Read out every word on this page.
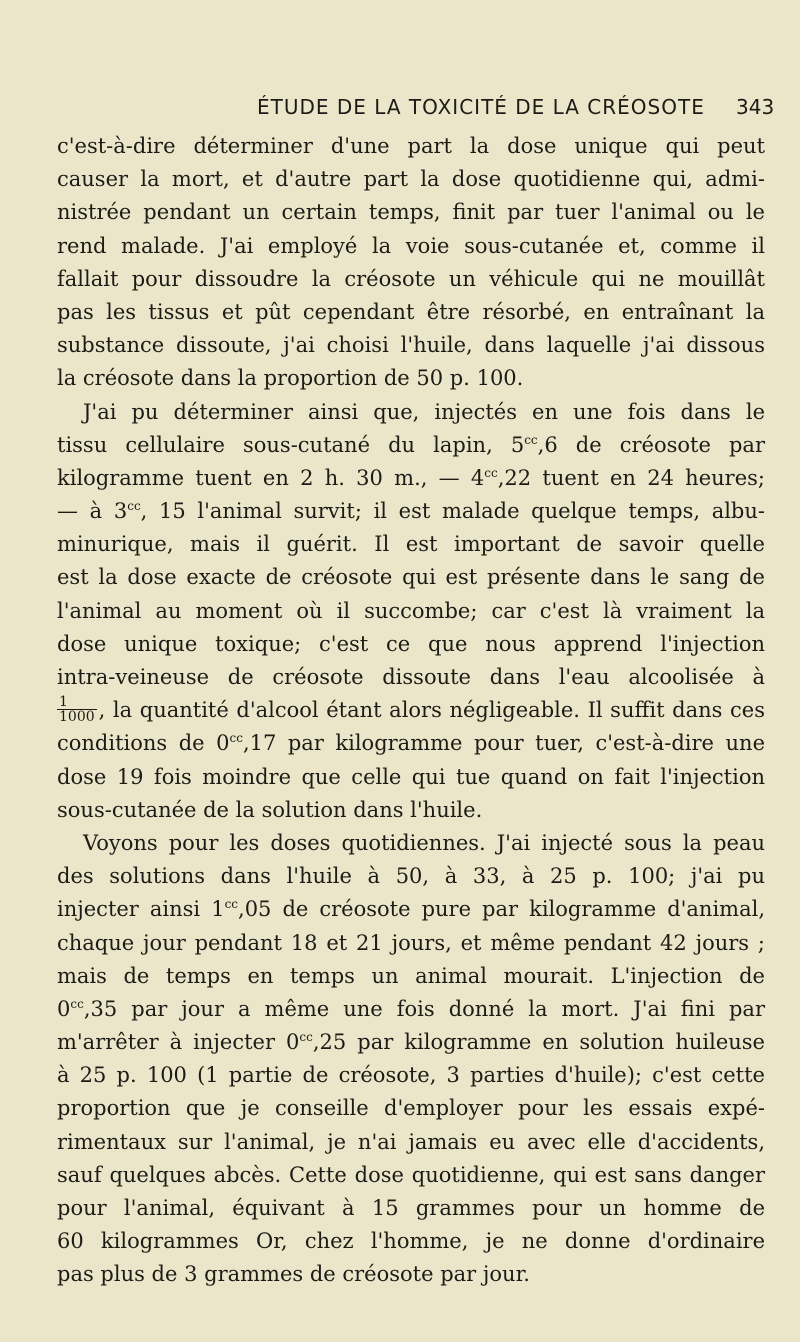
ÉTUDE DE LA TOXICITÉ DE LA CRÉOSOTE 343
c'est-à-dire déterminer d'une part la dose unique qui peut
causer la mort, et d'autre part la dose quotidienne qui, admi-
nistrée pendant un certain temps, finit par tuer l'animal ou le
rend malade. J'ai employé la voie sous-cutanée et, comme il
fallait pour dissoudre la créosote un véhicule qui ne mouillât
pas les tissus et pût cependant être résorbé, en entraînant la
substance dissoute, j'ai choisi l'huile, dans laquelle j'ai dissous
la créosote dans la proportion de 50 p. 100.
J'ai pu déterminer ainsi que, injectés en une fois dans le
tissu cellulaire sous-cutané du lapin, $5^{cc},6$ de créosote par
kilogramme tuent en 2 h. 30 m., — $4^{cc},22$ tuent en 24 heures;
— à $3^{cc}$, 15 l'animal survit; il est malade quelque temps, albu-
minurique, mais il guérit. Il est important de savoir quelle
est la dose exacte de créosote qui est présente dans le sang de
l'animal au moment où il succombe; car c'est là vraiment la
dose unique toxique; c'est ce que nous apprend l'injection
intra-veineuse de créosote dissoute dans l'eau alcoolisée à
$\frac{1}{1000}$ , la quantité d'alcool étant alors négligeable. Il suffit dans ces
conditions de $0^{cc},17$ par kilogramme pour tuer, c'est-à-dire une
dose 19 fois moindre que celle qui tue quand on fait l'injection
sous-cutanée de la solution dans l'huile.
Voyons pour les doses quotidiennes. J'ai injecté sous la peau
des solutions dans l'huile à 50, à 33, à 25 p. 100; j'ai pu
injecter ainsi $1^{cc},05$ de créosote pure par kilogramme d'animal,
chaque jour pendant 18 et 21 jours, et même pendant 42 jours ;
mais de temps en temps un animal mourait. L'injection de
$0^{cc},35$ par jour a même une fois donné la mort. J'ai fini par
m'arrêter à injecter $0^{cc},25$ par kilogramme en solution huileuse
à 25 p. 100 (1 partie de créosote, 3 parties d'huile); c'est cette
proportion que je conseille d'employer pour les essais expé-
rimentaux sur l'animal, je n'ai jamais eu avec elle d'accidents,
sauf quelques abcès. Cette dose quotidienne, qui est sans danger
pour l'animal, équivant à 15 grammes pour un homme de
60 kilogrammes Or, chez l'homme, je ne donne d'ordinaire
pas plus de 3 grammes de créosote par jour.
